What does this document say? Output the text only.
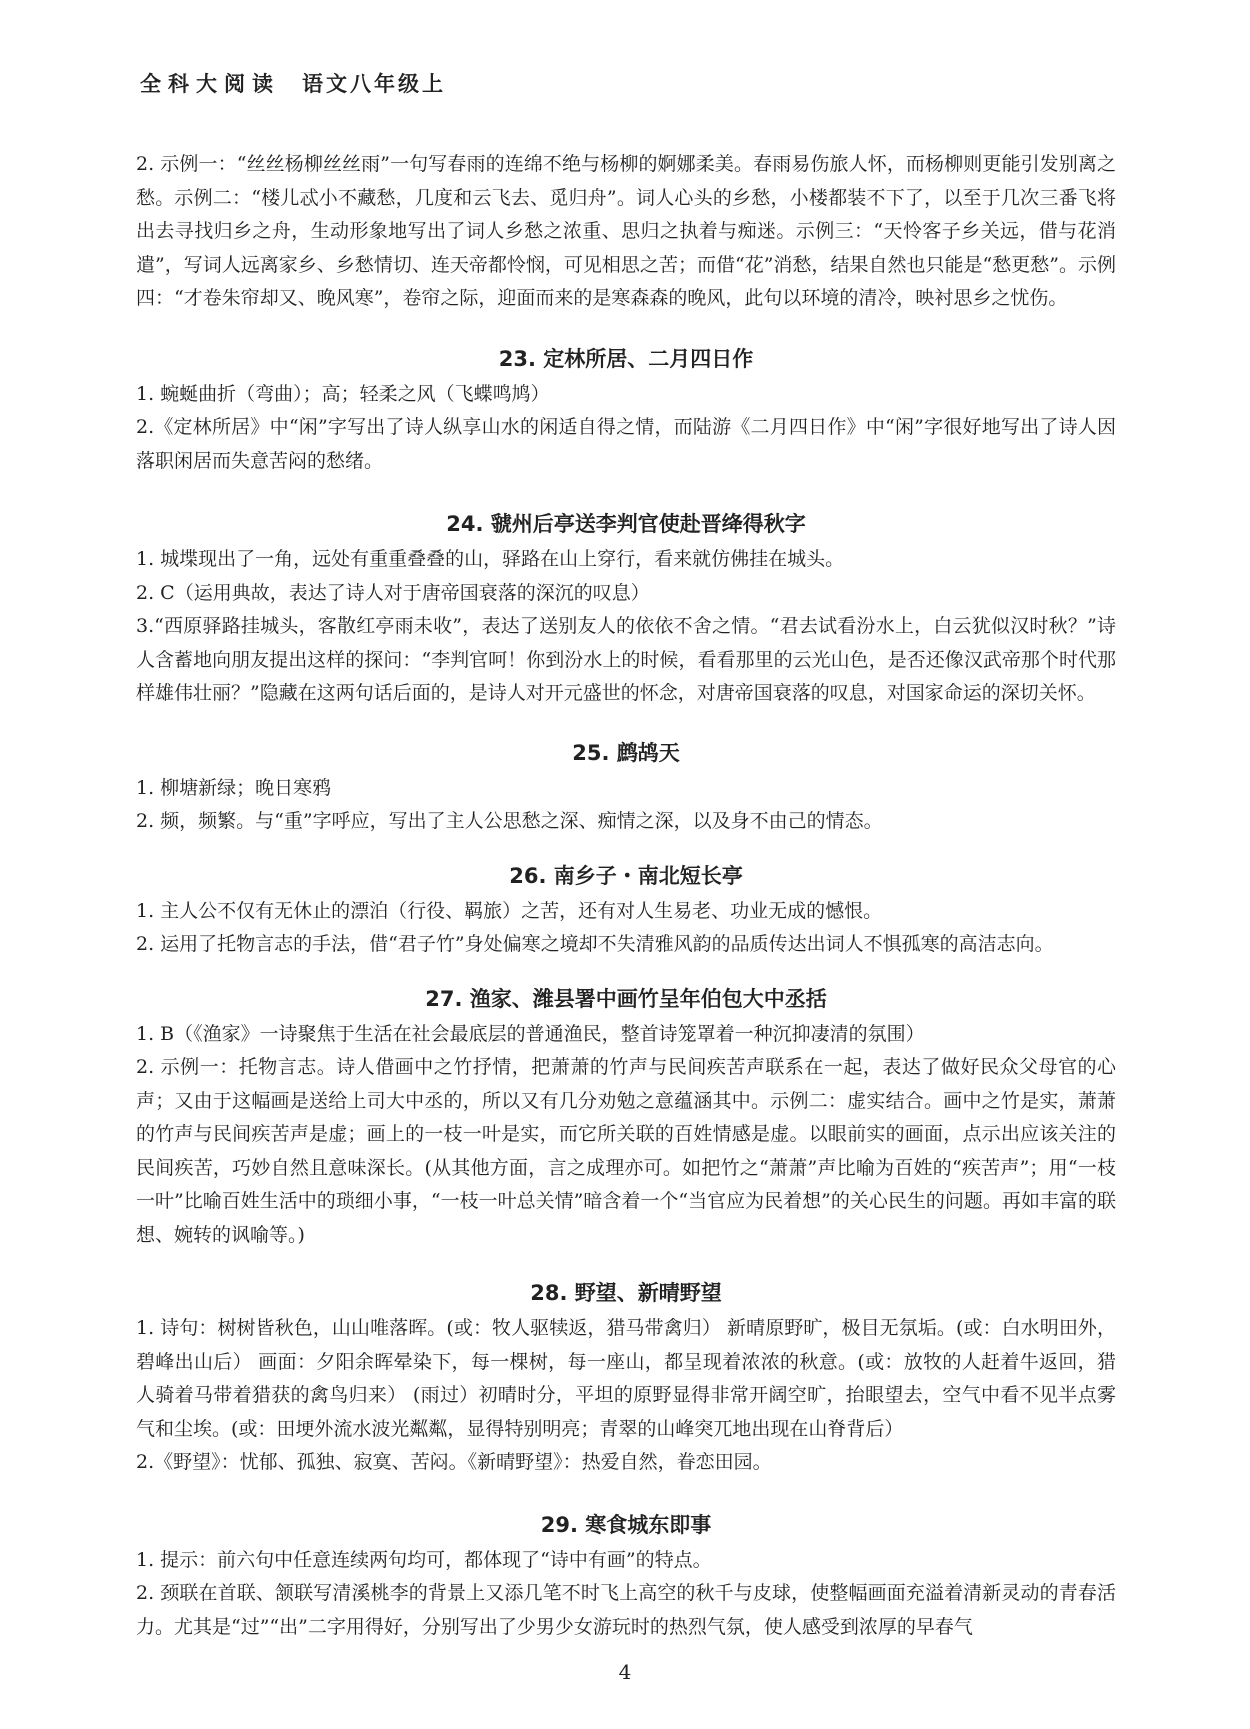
全科大阅读 语文八年级上

2. 示例一：“丝丝杨柳丝丝雨”一句写春雨的连绵不绝与杨柳的婀娜柔美。春雨易伤旅人怀，而杨柳则更能引发别离之愁。示例二：“楼儿忒小不藏愁，几度和云飞去、觅归舟”。词人心头的乡愁，小楼都装不下了，以至于几次三番飞将出去寻找归乡之舟，生动形象地写出了词人乡愁之浓重、思归之执着与痴迷。示例三：“天怜客子乡关远，借与花消遣”，写词人远离家乡、乡愁情切、连天帝都怜悯，可见相思之苦；而借“花”消愁，结果自然也只能是“愁更愁”。示例四：“才卷朱帘却又、晚风寒”，卷帘之际，迎面而来的是寒森森的晚风，此句以环境的清冷，映衬思乡之忧伤。

23. 定林所居、二月四日作

1. 蜿蜒曲折（弯曲）；高；轻柔之风（飞蝶鸣鸠）

2.《定林所居》中“闲”字写出了诗人纵享山水的闲适自得之情，而陆游《二月四日作》中“闲”字很好地写出了诗人因落职闲居而失意苦闷的愁绪。

24. 虢州后亭送李判官使赴晋绛得秋字

1. 城堞现出了一角，远处有重重叠叠的山，驿路在山上穿行，看来就仿佛挂在城头。

2. C（运用典故，表达了诗人对于唐帝国衰落的深沉的叹息）

3.“西原驿路挂城头，客散红亭雨未收”，表达了送别友人的依依不舍之情。“君去试看汾水上，白云犹似汉时秋？”诗人含蓄地向朋友提出这样的探问：“李判官呵！你到汾水上的时候，看看那里的云光山色，是否还像汉武帝那个时代那样雄伟壮丽？”隐藏在这两句话后面的，是诗人对开元盛世的怀念，对唐帝国衰落的叹息，对国家命运的深切关怀。

25. 鹧鸪天

1. 柳塘新绿；晚日寒鸦

2. 频，频繁。与“重”字呼应，写出了主人公思愁之深、痴情之深，以及身不由己的情态。

26. 南乡子・南北短长亭

1. 主人公不仅有无休止的漂泊（行役、羁旅）之苦，还有对人生易老、功业无成的憾恨。

2. 运用了托物言志的手法，借“君子竹”身处偏寒之境却不失清雅风韵的品质传达出词人不惧孤寒的高洁志向。

27. 渔家、潍县署中画竹呈年伯包大中丞括

1. B（《渔家》一诗聚焦于生活在社会最底层的普通渔民，整首诗笼罩着一种沉抑凄清的氛围）

2. 示例一：托物言志。诗人借画中之竹抒情，把萧萧的竹声与民间疾苦声联系在一起，表达了做好民众父母官的心声；又由于这幅画是送给上司大中丞的，所以又有几分劝勉之意蕴涵其中。示例二：虚实结合。画中之竹是实，萧萧的竹声与民间疾苦声是虚；画上的一枝一叶是实，而它所关联的百姓情感是虚。以眼前实的画面，点示出应该关注的民间疾苦，巧妙自然且意味深长。(从其他方面，言之成理亦可。如把竹之“萧萧”声比喻为百姓的“疾苦声”；用“一枝一叶”比喻百姓生活中的琐细小事，“一枝一叶总关情”暗含着一个“当官应为民着想”的关心民生的问题。再如丰富的联想、婉转的讽喻等。)

28. 野望、新晴野望

1. 诗句：树树皆秋色，山山唯落晖。(或：牧人驱犊返，猎马带禽归） 新晴原野旷，极目无氛垢。(或：白水明田外，碧峰出山后） 画面：夕阳余晖晕染下，每一棵树，每一座山，都呈现着浓浓的秋意。(或：放牧的人赶着牛返回，猎人骑着马带着猎获的禽鸟归来） (雨过）初晴时分，平坦的原野显得非常开阔空旷，抬眼望去，空气中看不见半点雾气和尘埃。(或：田埂外流水波光粼粼，显得特别明亮；青翠的山峰突兀地出现在山脊背后）

2.《野望》：忧郁、孤独、寂寞、苦闷。《新晴野望》：热爱自然，眷恋田园。

29. 寒食城东即事

1. 提示：前六句中任意连续两句均可，都体现了“诗中有画”的特点。

2. 颈联在首联、颔联写清溪桃李的背景上又添几笔不时飞上高空的秋千与皮球，使整幅画面充溢着清新灵动的青春活力。尤其是“过”“出”二字用得好，分别写出了少男少女游玩时的热烈气氛，使人感受到浓厚的早春气

4
